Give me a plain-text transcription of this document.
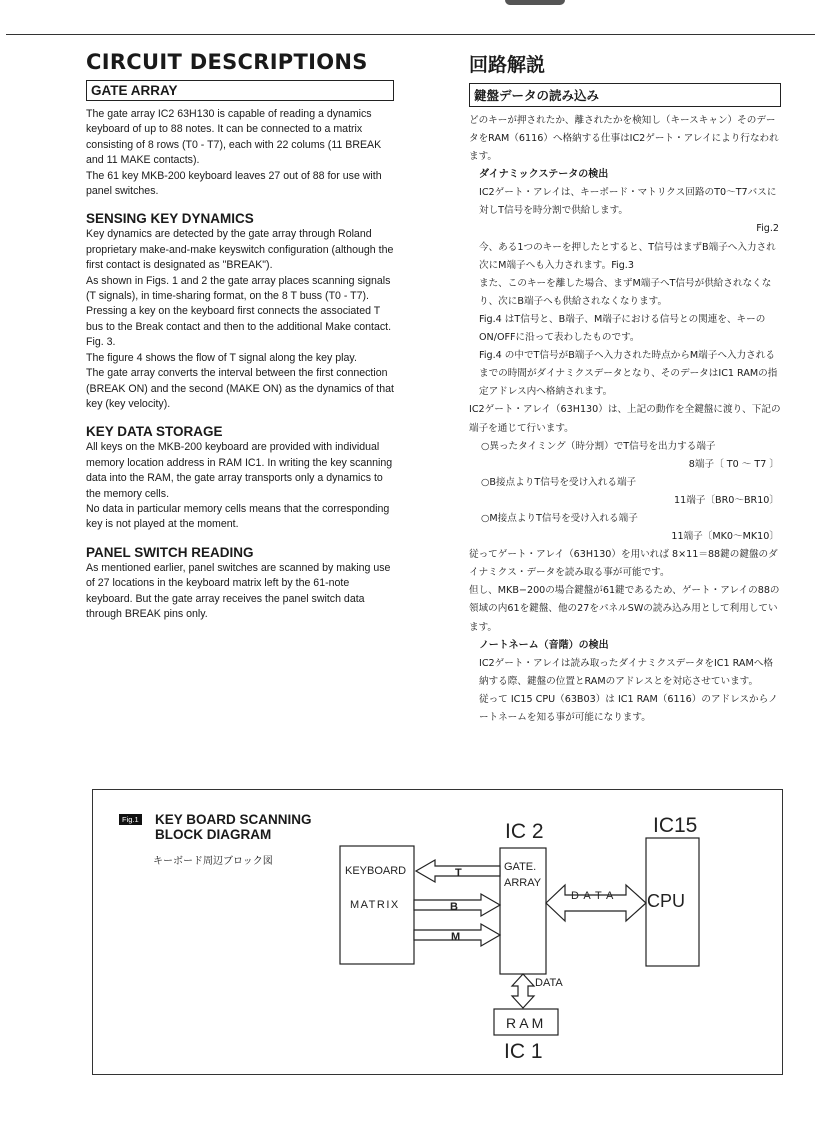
CIRCUIT DESCRIPTIONS
GATE ARRAY

The gate array IC2 63H130 is capable of reading a dynamics keyboard of up to 88 notes. It can be connected to a matrix consisting of 8 rows (T0 - T7), each with 22 colums (11 BREAK and 11 MAKE contacts).

The 61 key MKB-200 keyboard leaves 27 out of 88 for use with panel switches.

SENSING KEY DYNAMICS

Key dynamics are detected by the gate array through Roland proprietary make-and-make keyswitch configuration (although the first contact is designated as "BREAK").

As shown in Figs. 1 and 2 the gate array places scanning signals (T signals), in time-sharing format, on the 8 T buss (T0 - T7).

Pressing a key on the keyboard first connects the associated T bus to the Break contact and then to the additional Make contact. Fig. 3.

The figure 4 shows the flow of T signal along the key play.

The gate array converts the interval between the first connection (BREAK ON) and the second (MAKE ON) as the dynamics of that key (key velocity).

KEY DATA STORAGE

All keys on the MKB-200 keyboard are provided with individual memory location address in RAM IC1. In writing the key scanning data into the RAM, the gate array transports only a dynamics to the memory cells.

No data in particular memory cells means that the corresponding key is not played at the moment.

PANEL SWITCH READING

As mentioned earlier, panel switches are scanned by making use of 27 locations in the keyboard matrix left by the 61-note keyboard. But the gate array receives the panel switch data through BREAK pins only.

回路解説
鍵盤データの読み込み

どのキーが押されたか、離されたかを検知し（キースキャン）そのデータをRAM（6116）へ格納する仕事はIC2ゲート・アレイにより行なわれます。

ダイナミックステータの検出

IC2ゲート・アレイは、キーボード・マトリクス回路のT0〜T7バスに対しT信号を時分割で供給します。

Fig.2

今、ある1つのキーを押したとすると、T信号はまずB端子へ入力され次にM端子へも入力されます。Fig.3

また、このキーを離した場合、まずM端子へT信号が供給されなくなり、次にB端子へも供給されなくなります。

Fig.4 はT信号と、B端子、M端子における信号との関連を、キーのON/OFFに沿って表わしたものです。

Fig.4 の中でT信号がB端子へ入力された時点からM端子へ入力されるまでの時間がダイナミクスデータとなり、そのデータはIC1 RAMの指定アドレス内へ格納されます。

IC2ゲート・アレイ（63H130）は、上記の動作を全鍵盤に渡り、下記の端子を通じて行います。

○異ったタイミング（時分割）でT信号を出力する端子

8端子〔 T0 〜 T7 〕

○B接点よりT信号を受け入れる端子

11端子〔BR0〜BR10〕

○M接点よりT信号を受け入れる端子

11端子〔MK0〜MK10〕

従ってゲート・アレイ（63H130）を用いれば 8×11＝88鍵の鍵盤のダイナミクス・データを読み取る事が可能です。

但し、MKB−200の場合鍵盤が61鍵であるため、ゲート・アレイの88の領域の内61を鍵盤、他の27をパネルSWの読み込み用として利用しています。

ノートネーム（音階）の検出

IC2ゲート・アレイは読み取ったダイナミクスデータをIC1 RAMへ格納する際、鍵盤の位置とRAMのアドレスとを対応させています。

従って IC15 CPU（63B03）は IC1 RAM（6116）のアドレスからノートネームを知る事が可能になります。

Fig.1 KEY BOARD SCANNING
BLOCK DIAGRAM
キーボード周辺ブロック図
IC 2	IC15
KEYBOARD
MATRIX
GATE.
ARRAY
CPU
T
B
M
D A T A
DATA
R A M
IC 1
